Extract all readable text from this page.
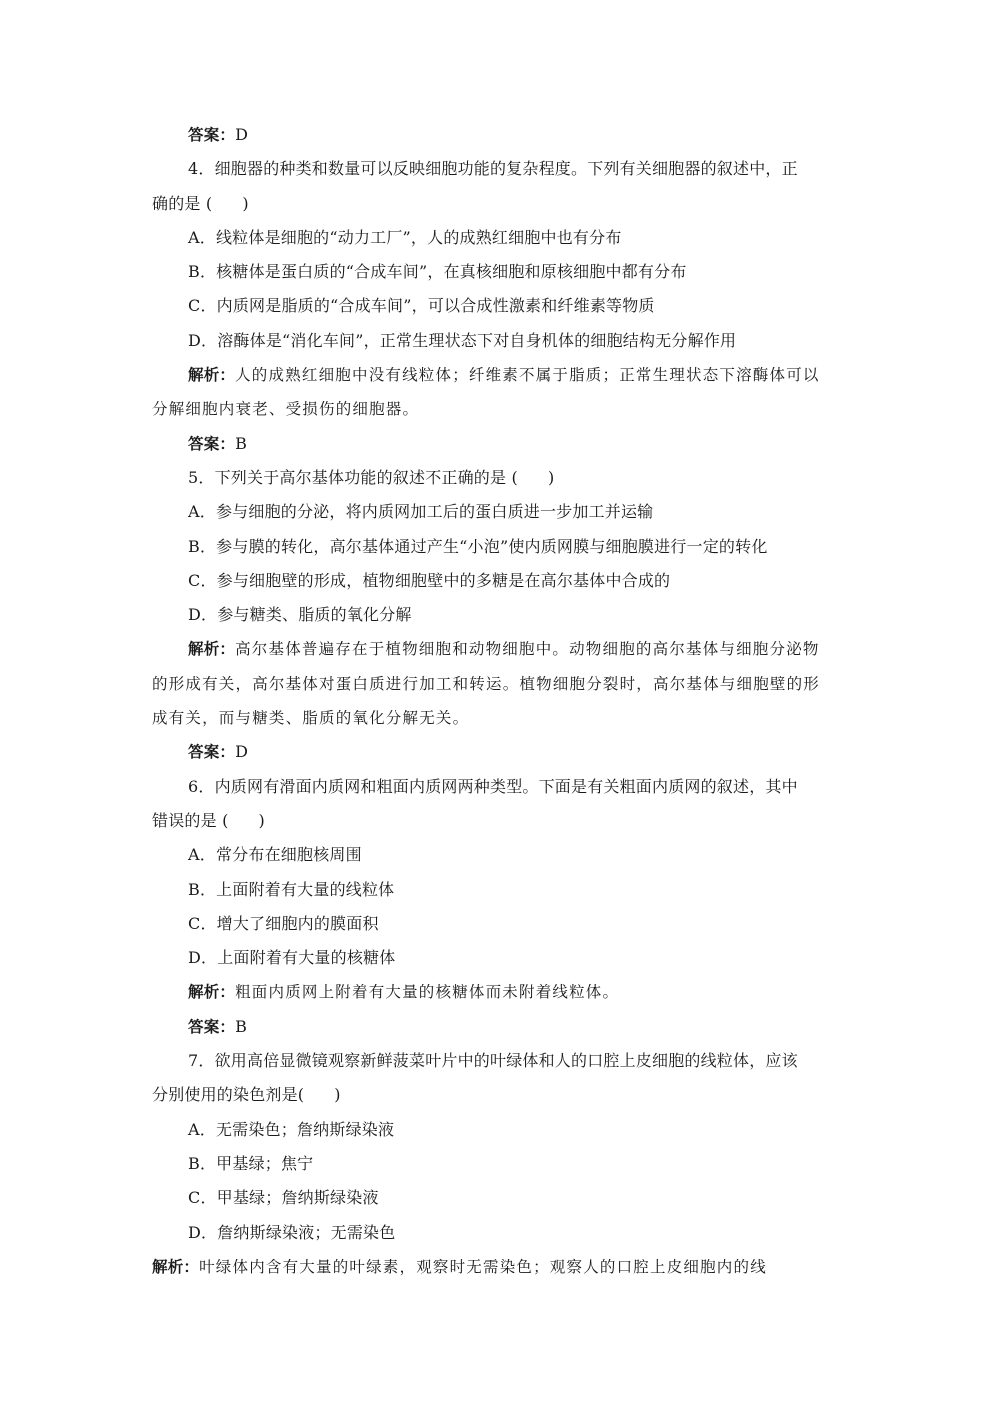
答案：D
4．细胞器的种类和数量可以反映细胞功能的复杂程度。下列有关细胞器的叙述中，正
确的是 ( )
A．线粒体是细胞的“动力工厂”，人的成熟红细胞中也有分布
B．核糖体是蛋白质的“合成车间”，在真核细胞和原核细胞中都有分布
C．内质网是脂质的“合成车间”，可以合成性激素和纤维素等物质
D．溶酶体是“消化车间”，正常生理状态下对自身机体的细胞结构无分解作用
解析：人的成熟红细胞中没有线粒体；纤维素不属于脂质；正常生理状态下溶酶体可以
分解细胞内衰老、受损伤的细胞器。
答案：B
5．下列关于高尔基体功能的叙述不正确的是 ( )
A．参与细胞的分泌，将内质网加工后的蛋白质进一步加工并运输
B．参与膜的转化，高尔基体通过产生“小泡”使内质网膜与细胞膜进行一定的转化
C．参与细胞壁的形成，植物细胞壁中的多糖是在高尔基体中合成的
D．参与糖类、脂质的氧化分解
解析：高尔基体普遍存在于植物细胞和动物细胞中。动物细胞的高尔基体与细胞分泌物
的形成有关，高尔基体对蛋白质进行加工和转运。植物细胞分裂时，高尔基体与细胞壁的形
成有关，而与糖类、脂质的氧化分解无关。
答案：D
6．内质网有滑面内质网和粗面内质网两种类型。下面是有关粗面内质网的叙述，其中
错误的是 ( )
A．常分布在细胞核周围
B．上面附着有大量的线粒体
C．增大了细胞内的膜面积
D．上面附着有大量的核糖体
解析：粗面内质网上附着有大量的核糖体而未附着线粒体。
答案：B
7．欲用高倍显微镜观察新鲜菠菜叶片中的叶绿体和人的口腔上皮细胞的线粒体，应该
分别使用的染色剂是( )
A．无需染色；詹纳斯绿染液
B．甲基绿；焦宁
C．甲基绿；詹纳斯绿染液
D．詹纳斯绿染液；无需染色
解析：叶绿体内含有大量的叶绿素，观察时无需染色；观察人的口腔上皮细胞内的线
